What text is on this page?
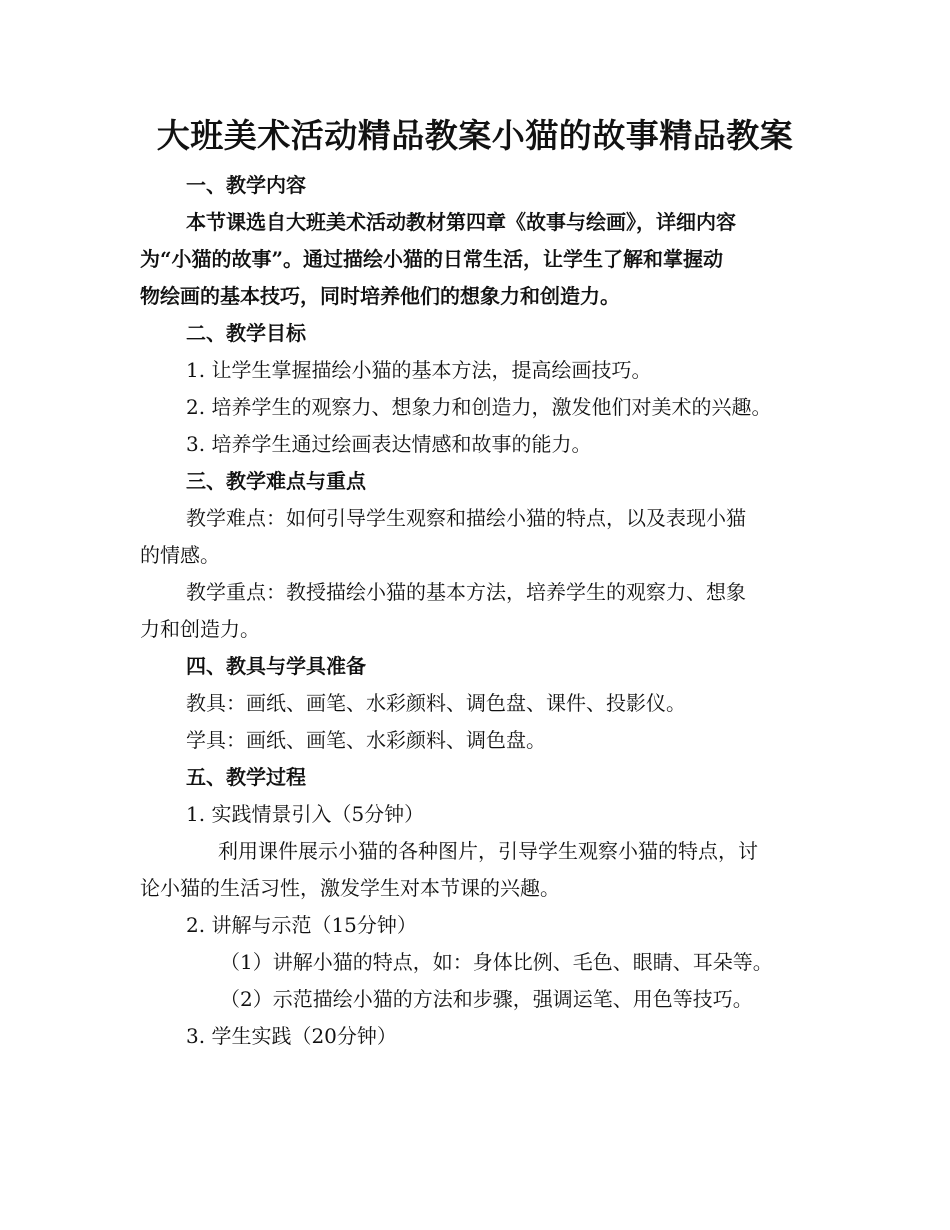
大班美术活动精品教案小猫的故事精品教案
一、教学内容
本节课选自大班美术活动教材第四章《故事与绘画》，详细内容
为“小猫的故事”。通过描绘小猫的日常生活，让学生了解和掌握动
物绘画的基本技巧，同时培养他们的想象力和创造力。
二、教学目标
1. 让学生掌握描绘小猫的基本方法，提高绘画技巧。
2. 培养学生的观察力、想象力和创造力，激发他们对美术的兴趣。
3. 培养学生通过绘画表达情感和故事的能力。
三、教学难点与重点
教学难点：如何引导学生观察和描绘小猫的特点，以及表现小猫
的情感。
教学重点：教授描绘小猫的基本方法，培养学生的观察力、想象
力和创造力。
四、教具与学具准备
教具：画纸、画笔、水彩颜料、调色盘、课件、投影仪。
学具：画纸、画笔、水彩颜料、调色盘。
五、教学过程
1. 实践情景引入（5分钟）
利用课件展示小猫的各种图片，引导学生观察小猫的特点，讨
论小猫的生活习性，激发学生对本节课的兴趣。
2. 讲解与示范（15分钟）
（1）讲解小猫的特点，如：身体比例、毛色、眼睛、耳朵等。
（2）示范描绘小猫的方法和步骤，强调运笔、用色等技巧。
3. 学生实践（20分钟）
